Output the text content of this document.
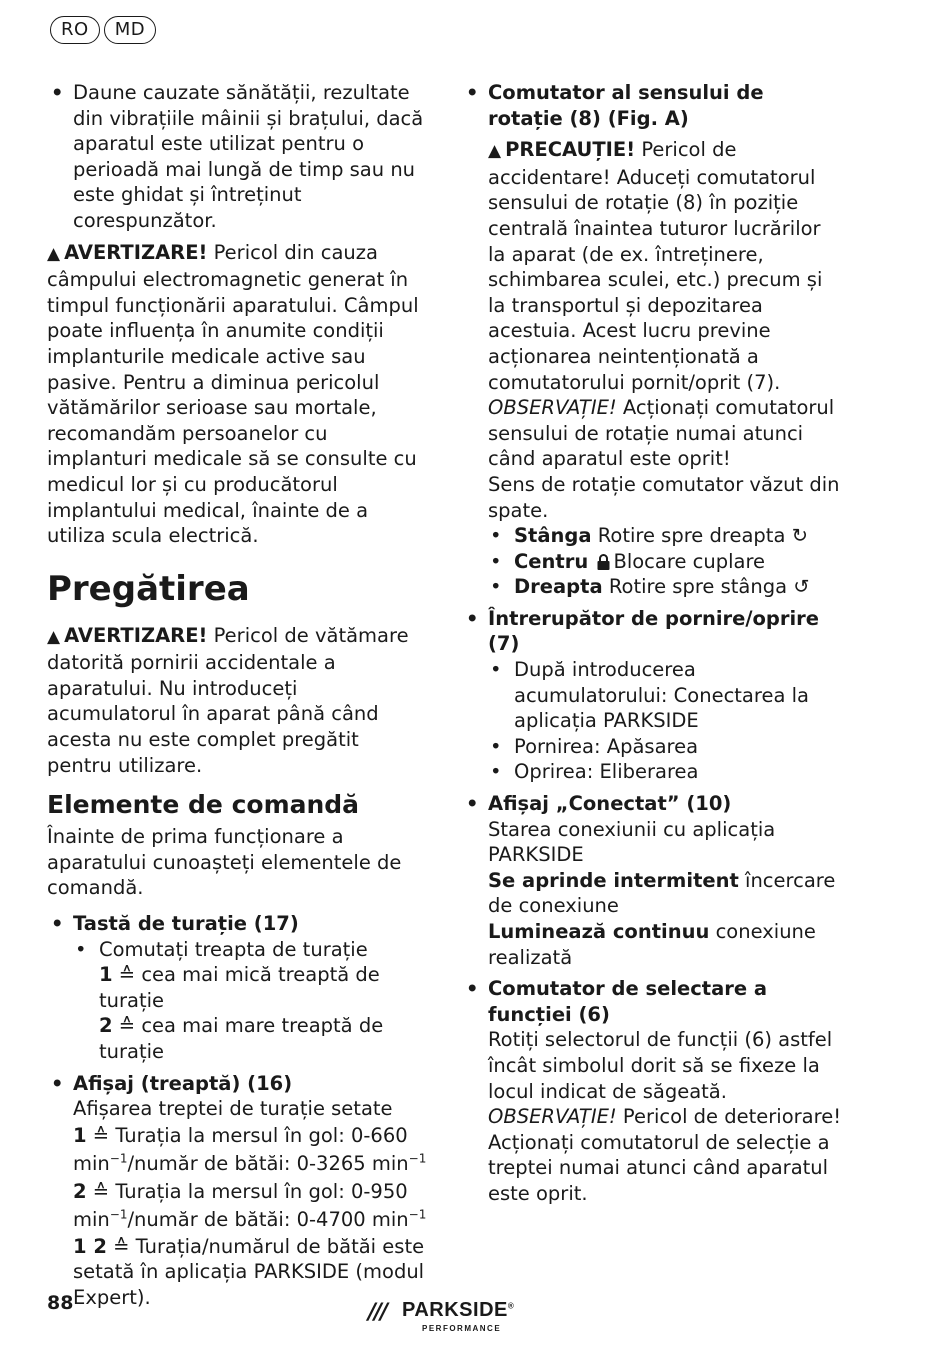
RO	MD
• Daune cauzate sănătății, rezultate din vibrațiile mâinii și brațului, dacă aparatul este utilizat pentru o perioadă mai lungă de timp sau nu este ghidat și întreținut corespunzător.

▲ AVERTIZARE! Pericol din cauza câmpului electromagnetic generat în timpul funcționării aparatului. Câmpul poate influența în anumite condiții implanturile medicale active sau pasive. Pentru a diminua pericolul vătămărilor serioase sau mortale, recomandăm persoanelor cu implanturi medicale să se consulte cu medicul lor și cu producătorul implantului medical, înainte de a utiliza scula electrică.

Pregătirea

▲ AVERTIZARE! Pericol de vătămare datorită pornirii accidentale a aparatului. Nu introduceți acumulatorul în aparat până când acesta nu este complet pregătit pentru utilizare.

Elemente de comandă

Înainte de prima funcționare a aparatului cunoașteți elementele de comandă.

• Tastă de turație (17)
• Comutați treapta de turație
1 ≙ cea mai mică treaptă de turație
2 ≙ cea mai mare treaptă de turație
• Afișaj (treaptă) (16)
Afișarea treptei de turație setate
1 ≙ Turația la mersul în gol: 0-660 $\min^{-1}$/număr de bătăi: 0-3265 $\min^{-1}$
2 ≙ Turația la mersul în gol: 0-950 $\min^{-1}$/număr de bătăi: 0-4700 $\min^{-1}$
1 2 ≙ Turația/numărul de bătăi este setată în aplicația PARKSIDE (modul Expert).
• Comutator al sensului de rotație (8) (Fig. A)

▲ PRECAUȚIE! Pericol de accidentare! Aduceți comutatorul sensului de rotație (8) în poziție centrală înaintea tuturor lucrărilor la aparat (de ex. întreținere, schimbarea sculei, etc.) precum și la transportul și depozitarea acestuia. Acest lucru previne acționarea neintenționată a comutatorului pornit/oprit (7).

OBSERVAȚIE! Acționați comutatorul sensului de rotație numai atunci când aparatul este oprit!

Sens de rotație comutator văzut din spate.

• Stânga Rotire spre dreapta ↻
• Centru Blocare cuplare
• Dreapta Rotire spre stânga ↺
• Întrerupător de pornire/oprire (7)
• După introducerea acumulatorului: Conectarea la aplicația PARKSIDE
• Pornirea: Apăsarea
• Oprirea: Eliberarea
• Afișaj „Conectat” (10)

Starea conexiunii cu aplicația PARKSIDE

Se aprinde intermitent încercare de conexiune

Luminează continuu conexiune realizată

• Comutator de selectare a funcției (6)

Rotiți selectorul de funcții (6) astfel încât simbolul dorit să se fixeze la locul indicat de săgeată.

OBSERVAȚIE! Pericol de deteriorare! Acționați comutatorul de selecție a treptei numai atunci când aparatul este oprit.

88	/// PARKSIDE®
PERFORMANCE
